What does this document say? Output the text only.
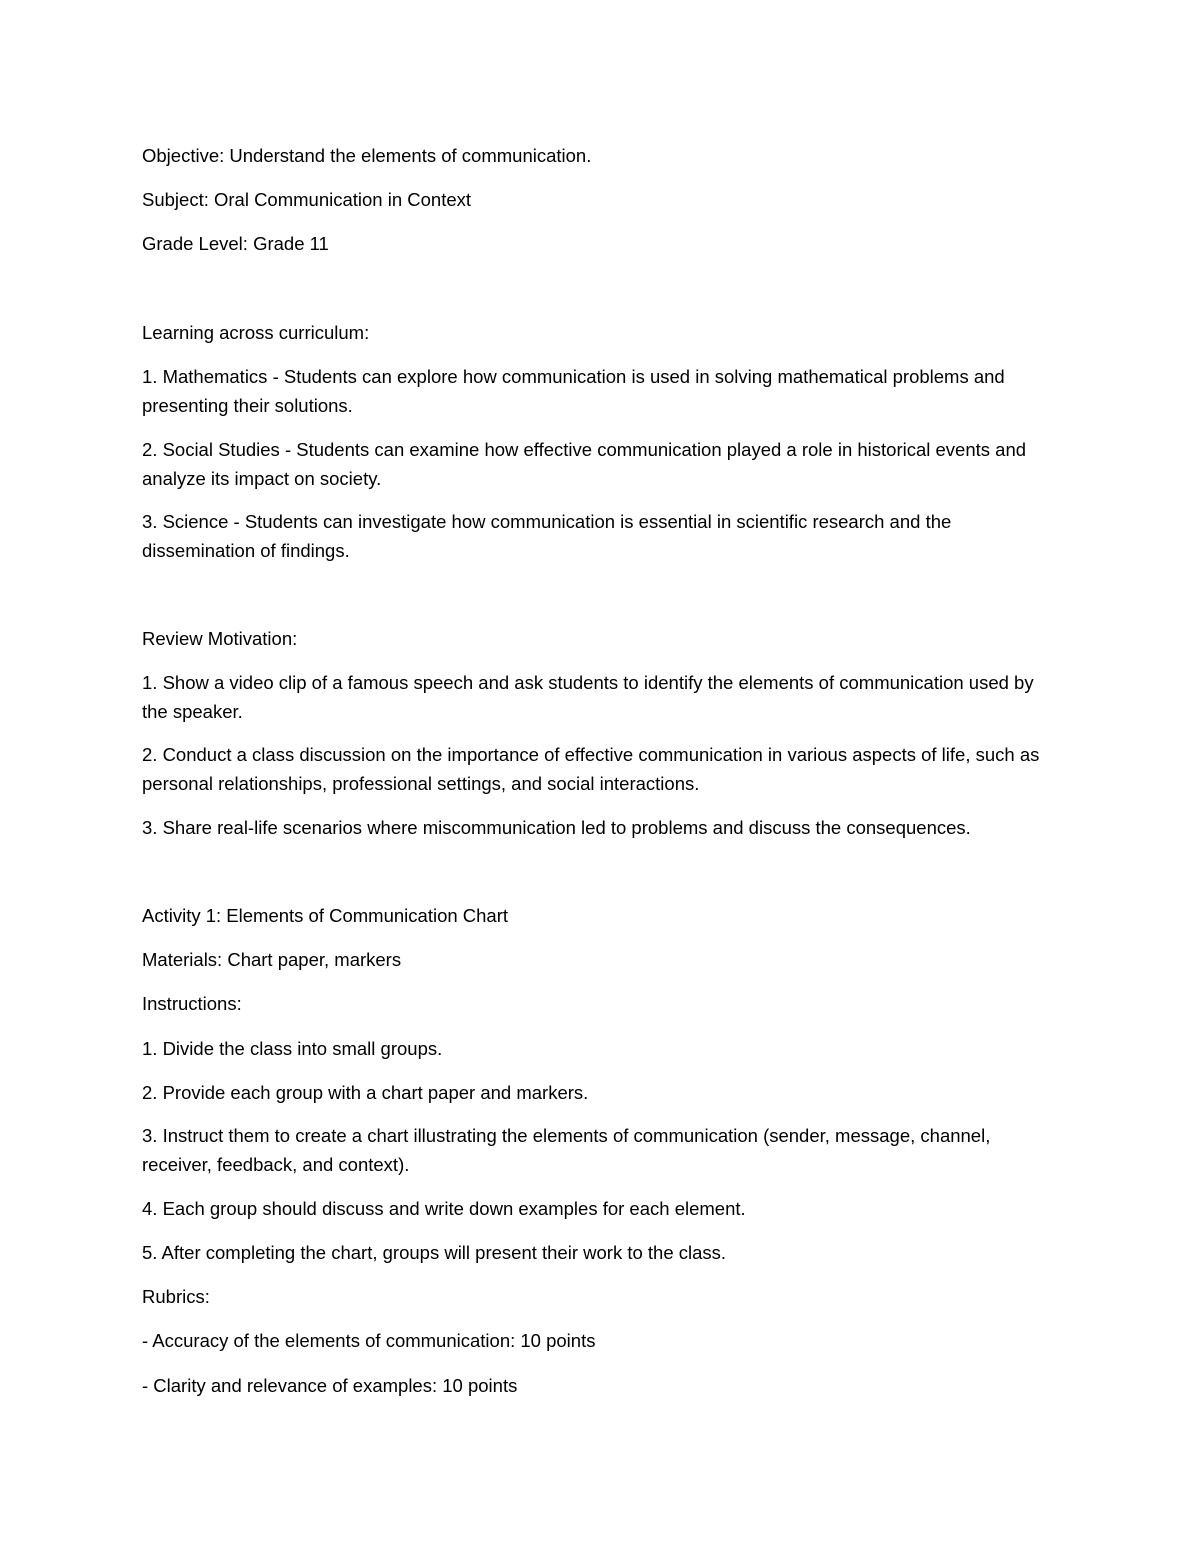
Objective: Understand the elements of communication.

Subject: Oral Communication in Context

Grade Level: Grade 11

Learning across curriculum:

1. Mathematics - Students can explore how communication is used in solving mathematical problems and presenting their solutions.

2. Social Studies - Students can examine how effective communication played a role in historical events and analyze its impact on society.

3. Science - Students can investigate how communication is essential in scientific research and the dissemination of findings.

Review Motivation:

1. Show a video clip of a famous speech and ask students to identify the elements of communication used by the speaker.

2. Conduct a class discussion on the importance of effective communication in various aspects of life, such as personal relationships, professional settings, and social interactions.

3. Share real-life scenarios where miscommunication led to problems and discuss the consequences.

Activity 1: Elements of Communication Chart

Materials: Chart paper, markers

Instructions:

1. Divide the class into small groups.

2. Provide each group with a chart paper and markers.

3. Instruct them to create a chart illustrating the elements of communication (sender, message, channel, receiver, feedback, and context).

4. Each group should discuss and write down examples for each element.

5. After completing the chart, groups will present their work to the class.

Rubrics:

- Accuracy of the elements of communication: 10 points

- Clarity and relevance of examples: 10 points
